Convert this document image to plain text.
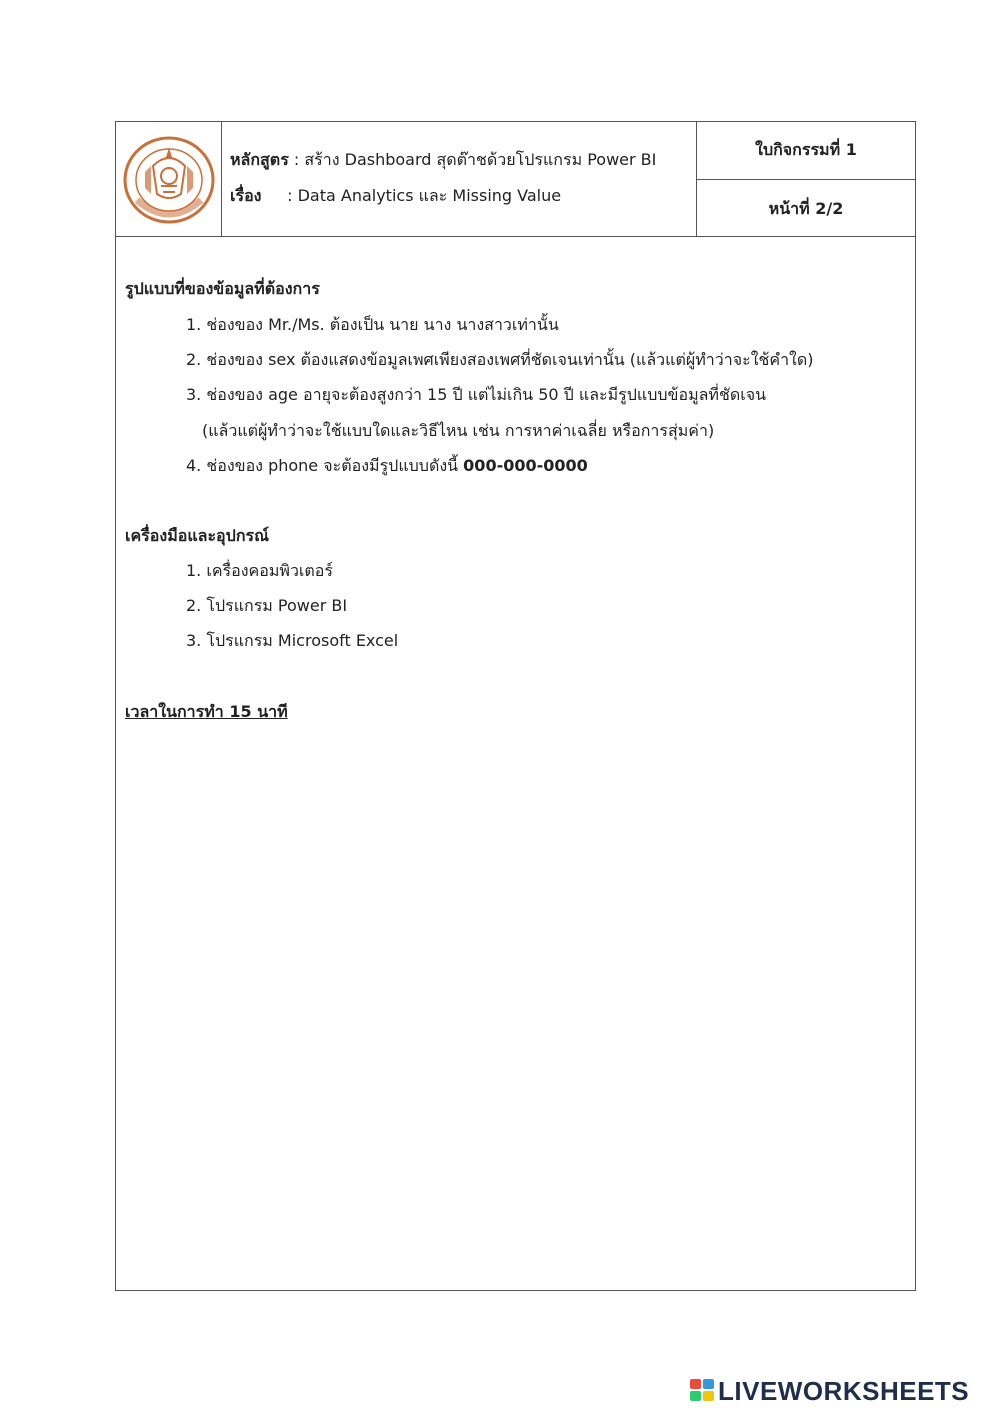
หลักสูตร : สร้าง Dashboard สุดต๊าชด้วยโปรแกรม Power BI
เรื่อง : Data Analytics และ Missing Value
ใบกิจกรรมที่ 1
หน้าที่ 2/2
รูปแบบที่ของข้อมูลที่ต้องการ
1. ช่องของ Mr./Ms. ต้องเป็น นาย นาง นางสาวเท่านั้น
2. ช่องของ sex ต้องแสดงข้อมูลเพศเพียงสองเพศที่ชัดเจนเท่านั้น (แล้วแต่ผู้ทำว่าจะใช้คำใด)
3. ช่องของ age อายุจะต้องสูงกว่า 15 ปี แต่ไม่เกิน 50 ปี และมีรูปแบบข้อมูลที่ชัดเจน
(แล้วแต่ผู้ทำว่าจะใช้แบบใดและวิธีไหน เช่น การหาค่าเฉลี่ย หรือการสุ่มค่า)
4. ช่องของ phone จะต้องมีรูปแบบดังนี้ 000-000-0000
เครื่องมือและอุปกรณ์
1. เครื่องคอมพิวเตอร์
2. โปรแกรม Power BI
3. โปรแกรม Microsoft Excel
เวลาในการทำ 15 นาที
LIVEWORKSHEETS
